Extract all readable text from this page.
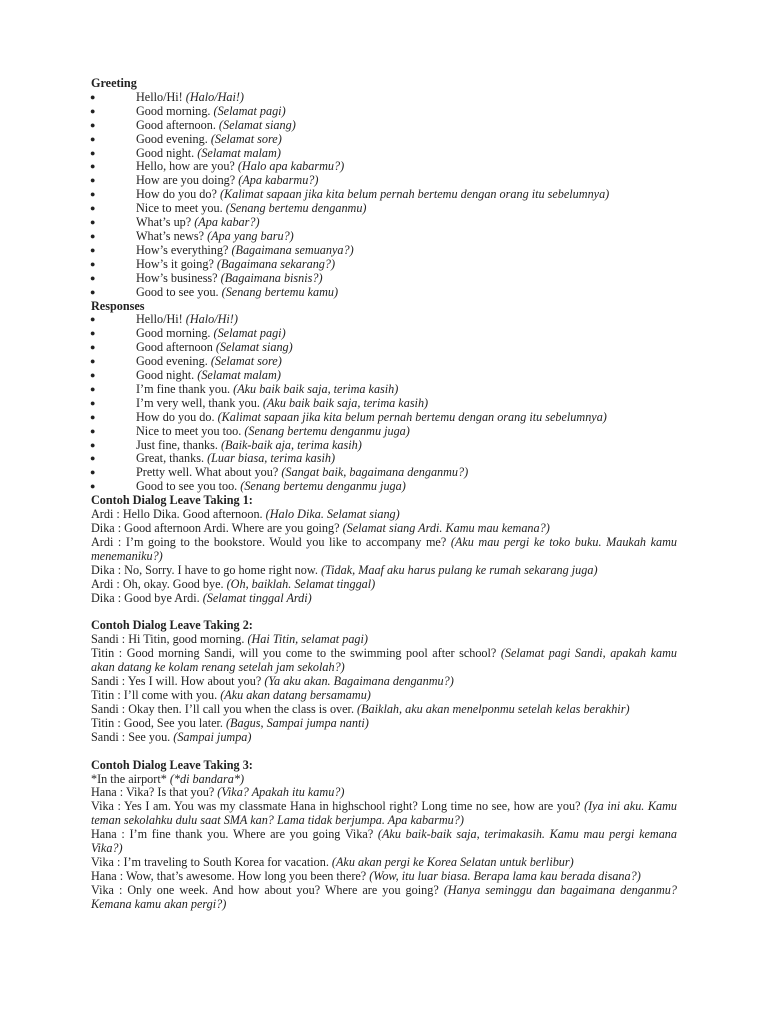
Greeting

●	Hello/Hi! (Halo/Hai!)
●	Good morning. (Selamat pagi)
●	Good afternoon. (Selamat siang)
●	Good evening. (Selamat sore)
●	Good night. (Selamat malam)
●	Hello, how are you? (Halo apa kabarmu?)
●	How are you doing? (Apa kabarmu?)
●	How do you do? (Kalimat sapaan jika kita belum pernah bertemu dengan orang itu sebelumnya)
●	Nice to meet you. (Senang bertemu denganmu)
●	What’s up? (Apa kabar?)
●	What’s news? (Apa yang baru?)
●	How’s everything? (Bagaimana semuanya?)
●	How’s it going? (Bagaimana sekarang?)
●	How’s business? (Bagaimana bisnis?)
●	Good to see you. (Senang bertemu kamu)

Responses

●	Hello/Hi! (Halo/Hi!)
●	Good morning. (Selamat pagi)
●	Good afternoon (Selamat siang)
●	Good evening. (Selamat sore)
●	Good night. (Selamat malam)
●	I’m fine thank you. (Aku baik baik saja, terima kasih)
●	I’m very well, thank you. (Aku baik baik saja, terima kasih)
●	How do you do. (Kalimat sapaan jika kita belum pernah bertemu dengan orang itu sebelumnya)
●	Nice to meet you too. (Senang bertemu denganmu juga)
●	Just fine, thanks. (Baik-baik aja, terima kasih)
●	Great, thanks. (Luar biasa, terima kasih)
●	Pretty well. What about you? (Sangat baik, bagaimana denganmu?)
●	Good to see you too. (Senang bertemu denganmu juga)

Contoh Dialog Leave Taking 1:

Ardi : Hello Dika. Good afternoon. (Halo Dika. Selamat siang)

Dika : Good afternoon Ardi. Where are you going? (Selamat siang Ardi. Kamu mau kemana?)

Ardi : I’m going to the bookstore. Would you like to accompany me? (Aku mau pergi ke toko buku. Maukah kamu menemaniku?)

Dika : No, Sorry. I have to go home right now. (Tidak, Maaf aku harus pulang ke rumah sekarang juga)

Ardi : Oh, okay. Good bye. (Oh, baiklah. Selamat tinggal)

Dika : Good bye Ardi. (Selamat tinggal Ardi)

Contoh Dialog Leave Taking 2:

Sandi : Hi Titin, good morning. (Hai Titin, selamat pagi)

Titin : Good morning Sandi, will you come to the swimming pool after school? (Selamat pagi Sandi, apakah kamu akan datang ke kolam renang setelah jam sekolah?)

Sandi : Yes I will. How about you? (Ya aku akan. Bagaimana denganmu?)

Titin : I’ll come with you. (Aku akan datang bersamamu)

Sandi : Okay then. I’ll call you when the class is over. (Baiklah, aku akan menelponmu setelah kelas berakhir)

Titin : Good, See you later. (Bagus, Sampai jumpa nanti)

Sandi : See you. (Sampai jumpa)

Contoh Dialog Leave Taking 3:

*In the airport* (*di bandara*)

Hana : Vika? Is that you? (Vika? Apakah itu kamu?)

Vika : Yes I am. You was my classmate Hana in highschool right? Long time no see, how are you? (Iya ini aku. Kamu teman sekolahku dulu saat SMA kan? Lama tidak berjumpa. Apa kabarmu?)

Hana : I’m fine thank you. Where are you going Vika? (Aku baik-baik saja, terimakasih. Kamu mau pergi kemana Vika?)

Vika : I’m traveling to South Korea for vacation. (Aku akan pergi ke Korea Selatan untuk berlibur)

Hana : Wow, that’s awesome. How long you been there? (Wow, itu luar biasa. Berapa lama kau berada disana?)

Vika : Only one week. And how about you? Where are you going? (Hanya seminggu dan bagaimana denganmu? Kemana kamu akan pergi?)
